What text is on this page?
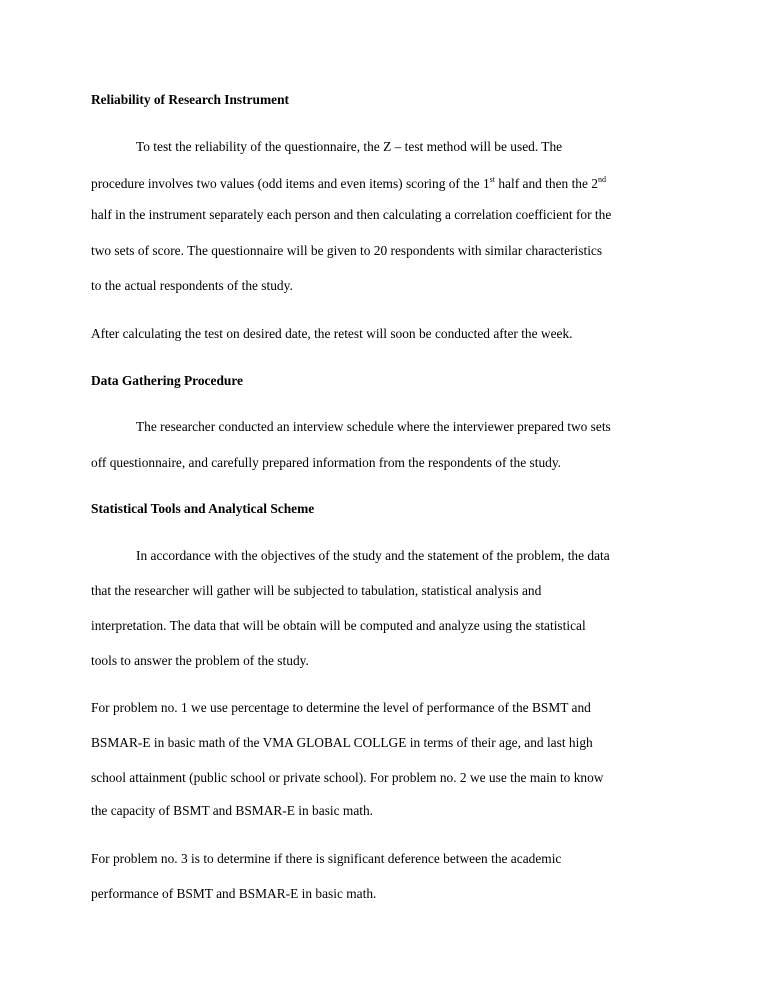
Reliability of Research Instrument

To test the reliability of the questionnaire, the Z – test method will be used. The

procedure involves two values (odd items and even items) scoring of the 1st half and then the 2nd

half in the instrument separately each person and then calculating a correlation coefficient for the

two sets of score. The questionnaire will be given to 20 respondents with similar characteristics

to the actual respondents of the study.

After calculating the test on desired date, the retest will soon be conducted after the week.

Data Gathering Procedure

The researcher conducted an interview schedule where the interviewer prepared two sets

off questionnaire, and carefully prepared information from the respondents of the study.

Statistical Tools and Analytical Scheme

In accordance with the objectives of the study and the statement of the problem, the data

that the researcher will gather will be subjected to tabulation, statistical analysis and

interpretation. The data that will be obtain will be computed and analyze using the statistical

tools to answer the problem of the study.

For problem no. 1 we use percentage to determine the level of performance of the BSMT and

BSMAR-E in basic math of the VMA GLOBAL COLLGE in terms of their age, and last high

school attainment (public school or private school). For problem no. 2 we use the main to know

the capacity of BSMT and BSMAR-E in basic math.

For problem no. 3 is to determine if there is significant deference between the academic

performance of BSMT and BSMAR-E in basic math.
